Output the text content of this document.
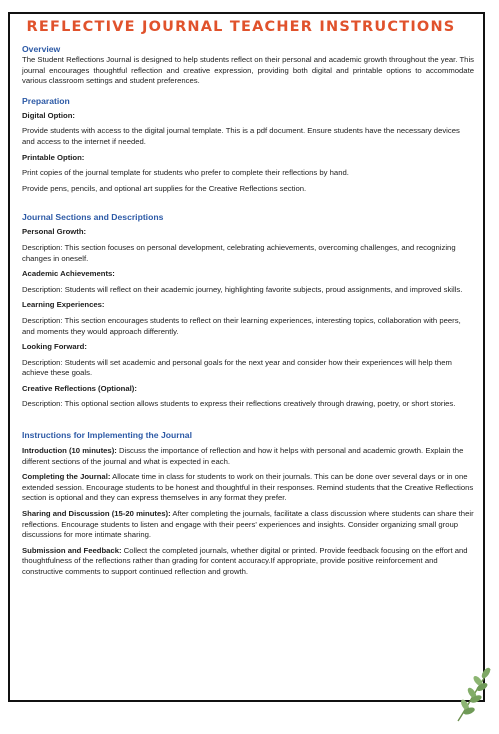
REFLECTIVE JOURNAL TEACHER INSTRUCTIONS

Overview

The Student Reflections Journal is designed to help students reflect on their personal and academic growth throughout the year. This journal encourages thoughtful reflection and creative expression, providing both digital and printable options to accommodate various classroom settings and student preferences.

Preparation

Digital Option:

Provide students with access to the digital journal template. This is a pdf document. Ensure students have the necessary devices and access to the internet if needed.

Printable Option:

Print copies of the journal template for students who prefer to complete their reflections by hand.

Provide pens, pencils, and optional art supplies for the Creative Reflections section.

Journal Sections and Descriptions

Personal Growth:

Description: This section focuses on personal development, celebrating achievements, overcoming challenges, and recognizing changes in oneself.

Academic Achievements:

Description: Students will reflect on their academic journey, highlighting favorite subjects, proud assignments, and improved skills.

Learning Experiences:

Description: This section encourages students to reflect on their learning experiences, interesting topics, collaboration with peers, and moments they would approach differently.

Looking Forward:

Description: Students will set academic and personal goals for the next year and consider how their experiences will help them achieve these goals.

Creative Reflections (Optional):

Description: This optional section allows students to express their reflections creatively through drawing, poetry, or short stories.

Instructions for Implementing the Journal

Introduction (10 minutes): Discuss the importance of reflection and how it helps with personal and academic growth. Explain the different sections of the journal and what is expected in each.

Completing the Journal: Allocate time in class for students to work on their journals. This can be done over several days or in one extended session. Encourage students to be honest and thoughtful in their responses. Remind students that the Creative Reflections section is optional and they can express themselves in any format they prefer.

Sharing and Discussion (15-20 minutes): After completing the journals, facilitate a class discussion where students can share their reflections. Encourage students to listen and engage with their peers' experiences and insights. Consider organizing small group discussions for more intimate sharing.

Submission and Feedback: Collect the completed journals, whether digital or printed. Provide feedback focusing on the effort and thoughtfulness of the reflections rather than grading for content accuracy.If appropriate, provide positive reinforcement and constructive comments to support continued reflection and growth.
